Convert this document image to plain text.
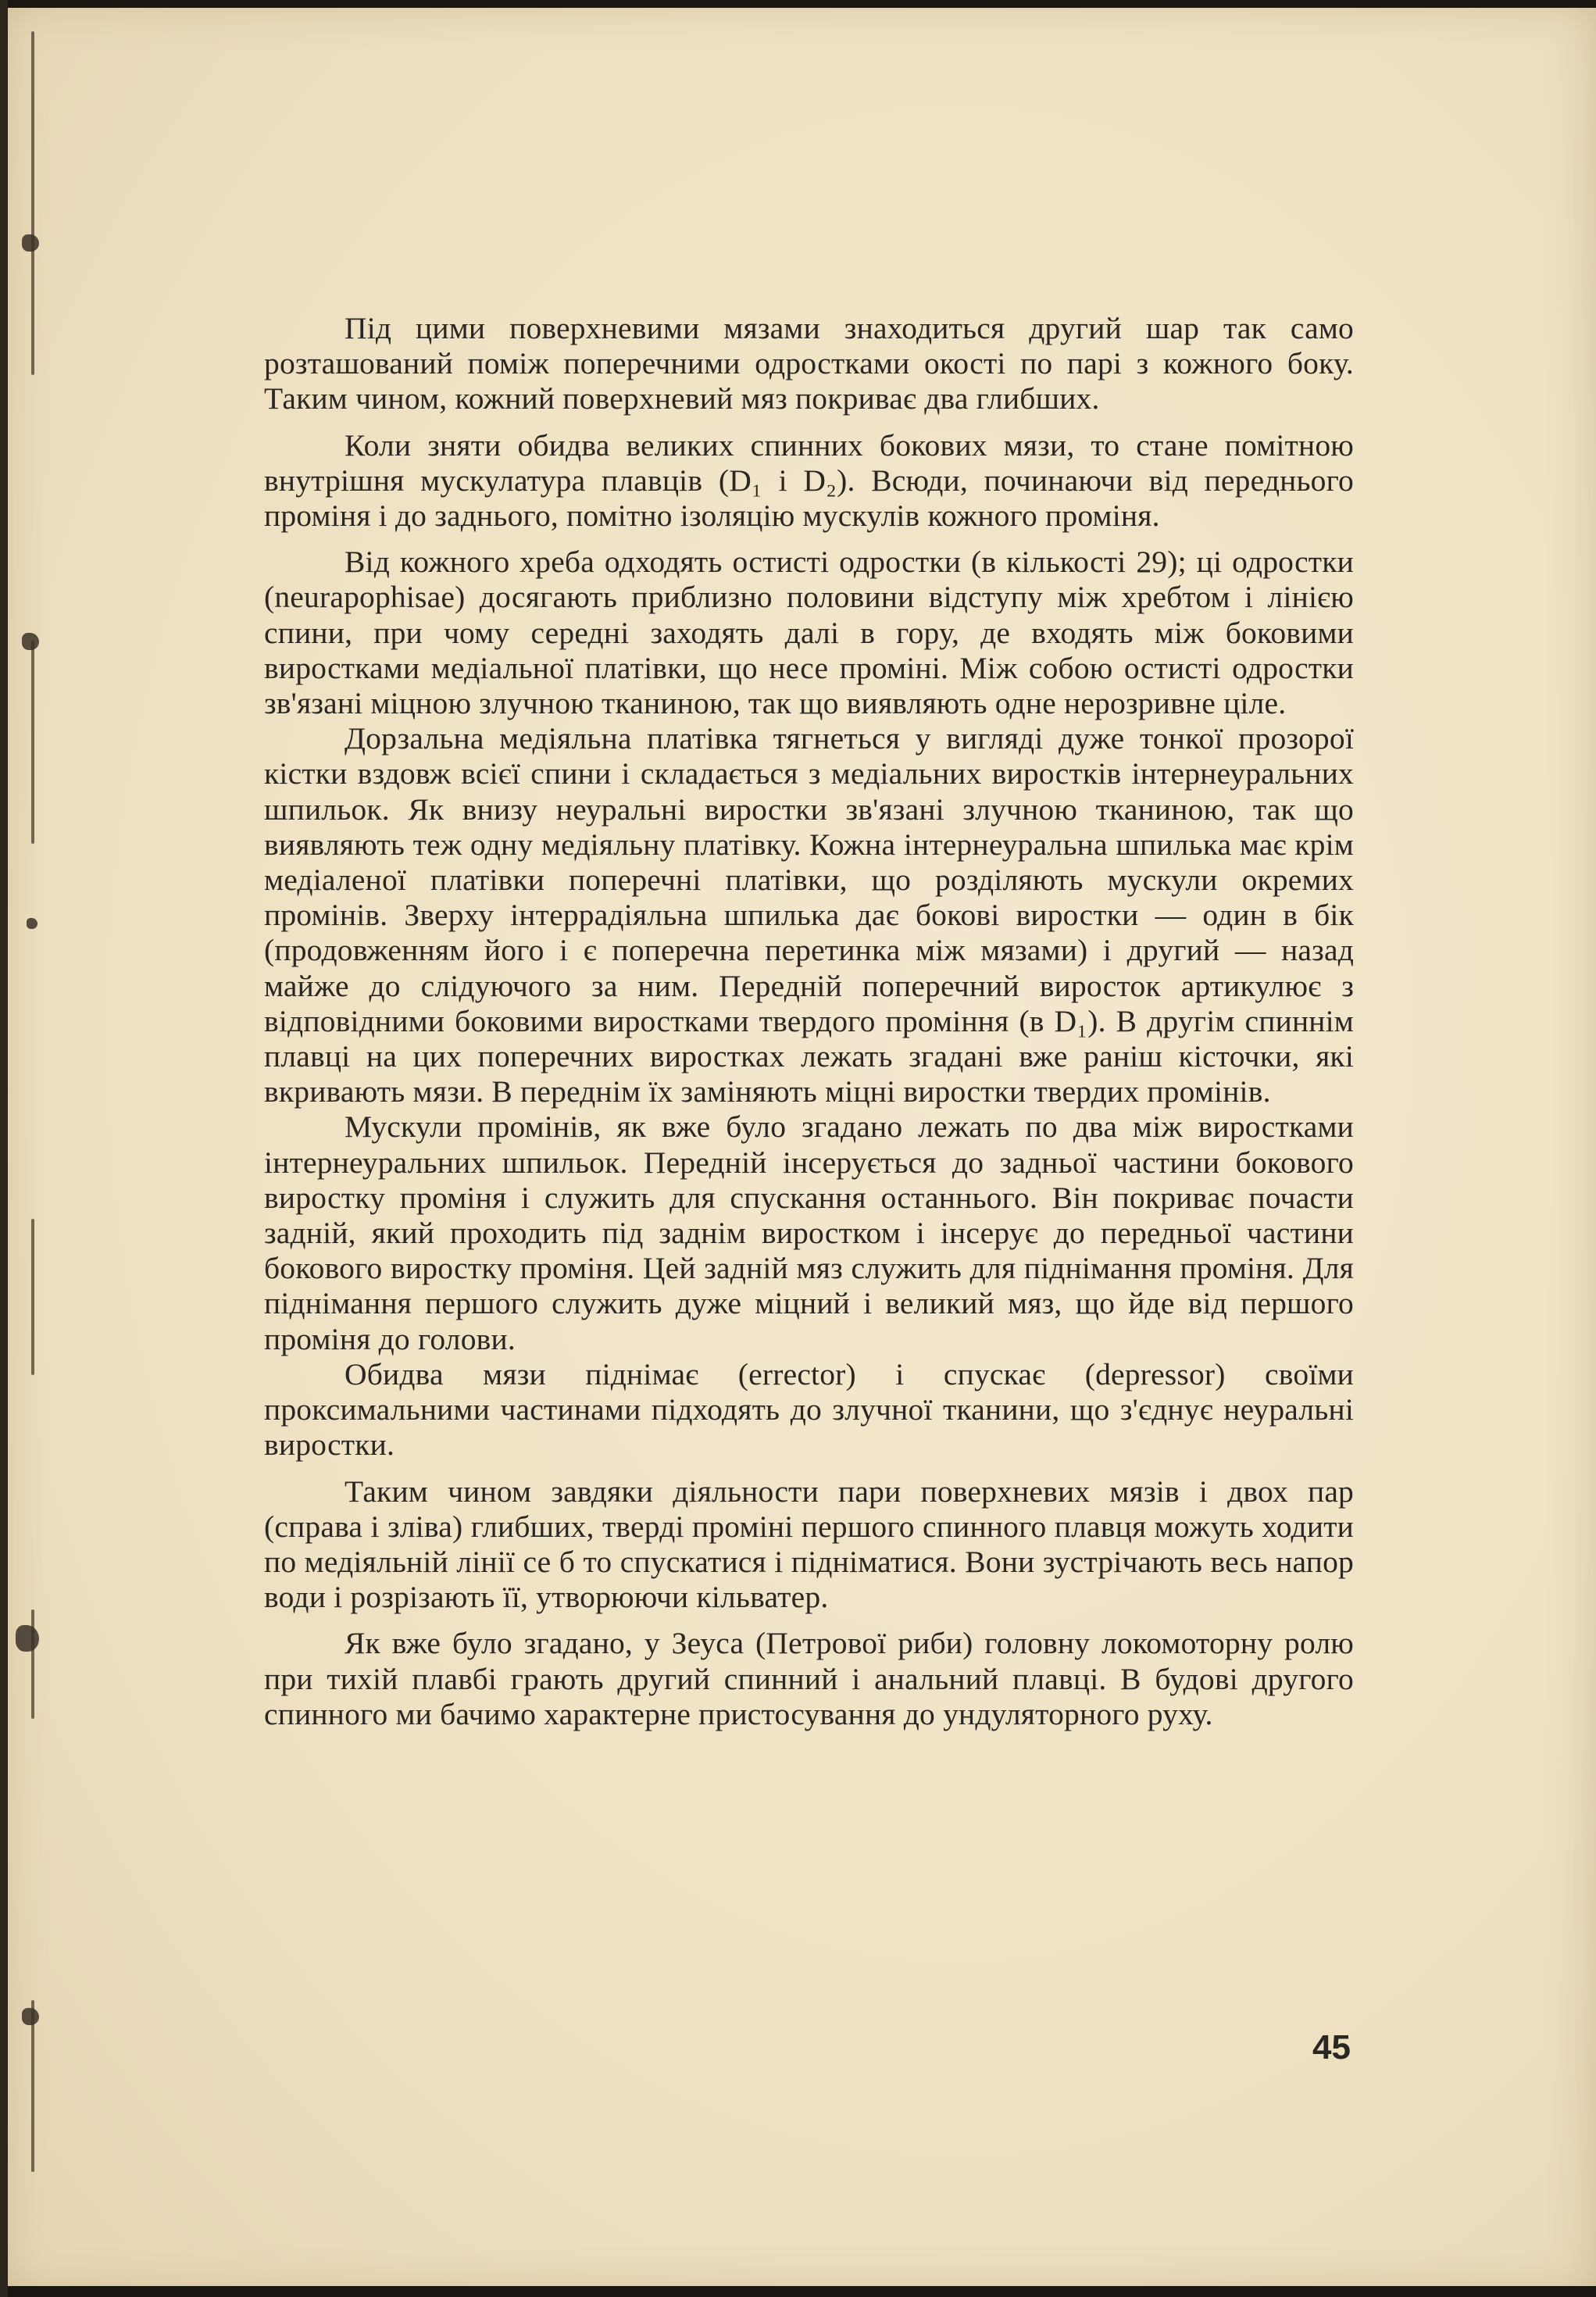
Під цими поверхневими мязами знаходиться другий шар так само розташований поміж поперечними одростками окості по парі з кожного боку. Таким чином, кожний поверхневий мяз покриває два глибших.

Коли зняти обидва великих спинних бокових мязи, то стане помітною внутрішня мускулатура плавців (D₁ і D₂). Всюди, починаючи від переднього проміня і до заднього, помітно ізоляцію мускулів кожного проміня.

Від кожного хреба одходять остисті одростки (в кількості 29); ці одростки (neurapophisae) досягають приблизно половини відступу між хребтом і лінією спини, при чому середні заходять далі в гору, де входять між боковими виростками медіальної платівки, що несе проміні. Між собою остисті одростки зв'язані міцною злучною тканиною, так що виявляють одне нерозривне ціле.

Дорзальна медіяльна платівка тягнеться у вигляді дуже тонкої прозорої кістки вздовж всієї спини і складається з медіальних виростків інтернеуральних шпильок. Як внизу неуральні виростки зв'язані злучною тканиною, так що виявляють теж одну медіяльну платівку. Кожна інтернеуральна шпилька має крім медіаленої платівки поперечні платівки, що розділяють мускули окремих промінів. Зверху інтеррадіяльна шпилька дає бокові виростки — один в бік (продовженням його і є поперечна перетинка між мязами) і другий — назад майже до слідуючого за ним. Передній поперечний виросток артикулює з відповідними боковими виростками твердого проміння (в D₁). В другім спиннім плавці на цих поперечних виростках лежать згадані вже раніш кісточки, які вкривають мязи. В переднім їх заміняють міцні виростки твердих промінів.

Мускули промінів, як вже було згадано лежать по два між виростками інтернеуральних шпильок. Передній інсерується до задньої частини бокового виростку проміня і служить для спускання останнього. Він покриває почасти задній, який проходить під заднім виростком і інсерує до передньої частини бокового виростку проміня. Цей задній мяз служить для піднімання проміня. Для піднімання першого служить дуже міцний і великий мяз, що йде від першого проміня до голови.

Обидва мязи піднімає (errector) і спускає (depressor) своїми проксимальними частинами підходять до злучної тканини, що з'єднує неуральні виростки.

Таким чином завдяки діяльности пари поверхневих мязів і двох пар (справа і зліва) глибших, тверді проміні першого спинного плавця можуть ходити по медіяльній лінії се б то спускатися і підніматися. Вони зустрічають весь напор води і розрізають її, утворюючи кільватер.

Як вже було згадано, у Зеуса (Петрової риби) головну локомоторну ролю при тихій плавбі грають другий спинний і анальний плавці. В будові другого спинного ми бачимо характерне пристосування до ундуляторного руху.

45
